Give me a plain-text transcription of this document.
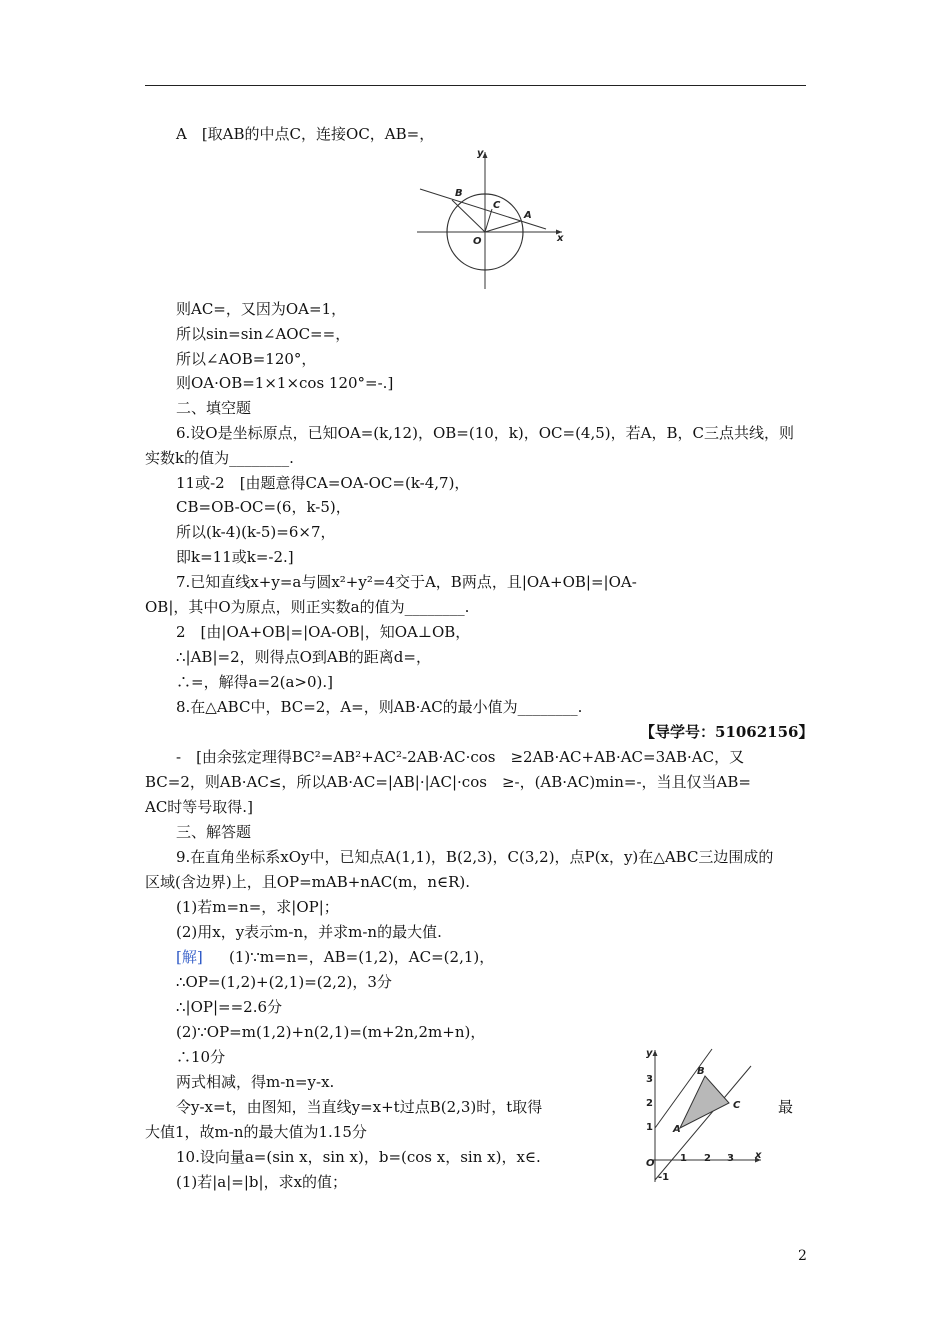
A　[取AB的中点C，连接OC，AB=，
y
B
C
A
O	x
则AC=，又因为OA=1，
所以sin=sin∠AOC==，
所以∠AOB=120°，
则OA·OB=1×1×cos 120°=-.]
二、填空题
6.设O是坐标原点，已知OA=(k,12)，OB=(10，k)，OC=(4,5)，若A，B，C三点共线，则
实数k的值为________.
11或-2　[由题意得CA=OA-OC=(k-4,7)，
CB=OB-OC=(6，k-5)，
所以(k-4)(k-5)=6×7，
即k=11或k=-2.]
7.已知直线x+y=a与圆x²+y²=4交于A，B两点，且|OA+OB|=|OA-
OB|，其中O为原点，则正实数a的值为________.
2　[由|OA+OB|=|OA-OB|，知OA⊥OB，
∴|AB|=2，则得点O到AB的距离d=，
∴=，解得a=2(a>0).]
8.在△ABC中，BC=2，A=，则AB·AC的最小值为________.
【导学号：51062156】
-　[由余弦定理得BC²=AB²+AC²-2AB·AC·cos　≥2AB·AC+AB·AC=3AB·AC，又
BC=2，则AB·AC≤，所以AB·AC=|AB|·|AC|·cos　≥-，(AB·AC)min=-，当且仅当AB=
AC时等号取得.]
三、解答题
9.在直角坐标系xOy中，已知点A(1,1)，B(2,3)，C(3,2)，点P(x，y)在△ABC三边围成的
区域(含边界)上，且OP=mAB+nAC(m，n∈R).
(1)若m=n=，求|OP|；
(2)用x，y表示m-n，并求m-n的最大值.
[解] (1)∵m=n=，AB=(1,2)，AC=(2,1)，
∴OP=(1,2)+(2,1)=(2,2)，3分
∴|OP|==2.6分
(2)∵OP=m(1,2)+n(2,1)=(m+2n,2m+n)，
∴10分
两式相减，得m-n=y-x.
令y-x=t，由图知，当直线y=x+t过点B(2,3)时，t取得	最
大值1，故m-n的最大值为1.15分
10.设向量a=(sin x，sin x)，b=(cos x，sin x)，x∈.
(1)若|a|=|b|，求x的值；
y
3
2
1
B
C
A
O	1 2 3 x
-1
2
